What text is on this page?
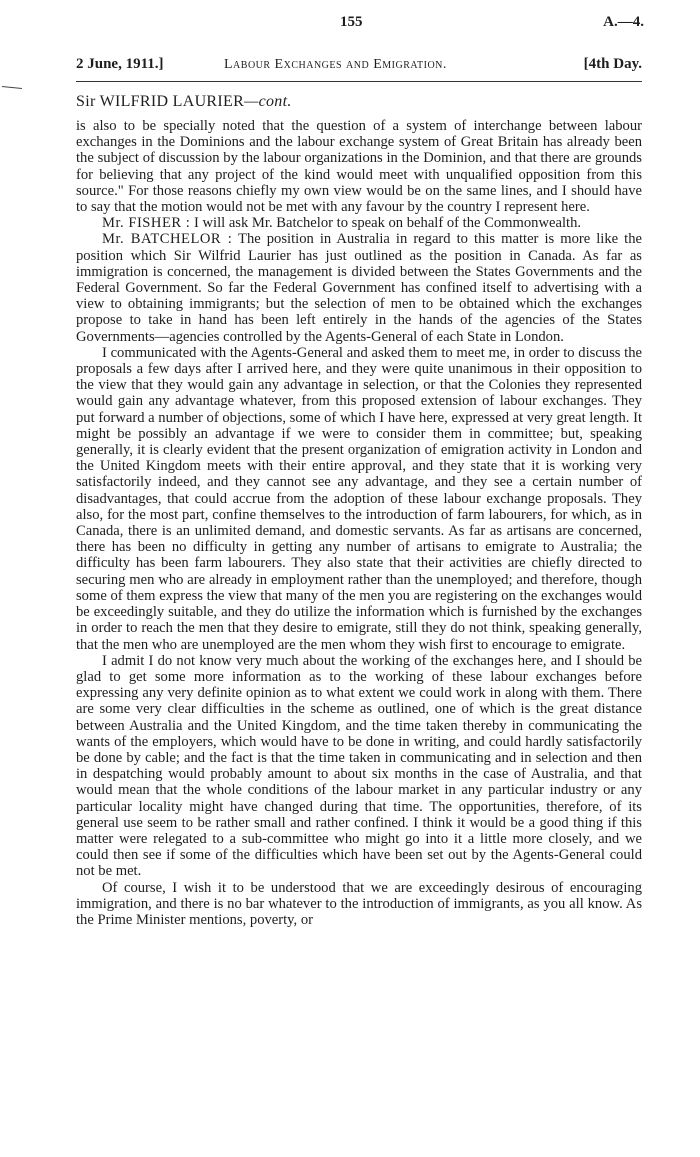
155	A.—4.
2 June, 1911.]	Labour Exchanges and Emigration.	[4th Day.
Sir WILFRID LAURIER—cont.

is also to be specially noted that the question of a system of interchange between labour exchanges in the Dominions and the labour exchange system of Great Britain has already been the subject of discussion by the labour organizations in the Dominion, and that there are grounds for believing that any project of the kind would meet with unqualified opposition from this source." For those reasons chiefly my own view would be on the same lines, and I should have to say that the motion would not be met with any favour by the country I represent here.

Mr. FISHER : I will ask Mr. Batchelor to speak on behalf of the Commonwealth.

Mr. BATCHELOR : The position in Australia in regard to this matter is more like the position which Sir Wilfrid Laurier has just outlined as the position in Canada. As far as immigration is concerned, the management is divided between the States Governments and the Federal Government. So far the Federal Government has confined itself to advertising with a view to obtaining immigrants; but the selection of men to be obtained which the exchanges propose to take in hand has been left entirely in the hands of the agencies of the States Governments—agencies controlled by the Agents-General of each State in London.

I communicated with the Agents-General and asked them to meet me, in order to discuss the proposals a few days after I arrived here, and they were quite unanimous in their opposition to the view that they would gain any advantage in selection, or that the Colonies they represented would gain any advantage whatever, from this proposed extension of labour exchanges. They put forward a number of objections, some of which I have here, expressed at very great length. It might be possibly an advantage if we were to consider them in committee; but, speaking generally, it is clearly evident that the present organization of emigration activity in London and the United Kingdom meets with their entire approval, and they state that it is working very satisfactorily indeed, and they cannot see any advantage, and they see a certain number of disadvantages, that could accrue from the adoption of these labour exchange proposals. They also, for the most part, confine themselves to the introduction of farm labourers, for which, as in Canada, there is an unlimited demand, and domestic servants. As far as artisans are concerned, there has been no difficulty in getting any number of artisans to emigrate to Australia; the difficulty has been farm labourers. They also state that their activities are chiefly directed to securing men who are already in employment rather than the unemployed; and therefore, though some of them express the view that many of the men you are registering on the exchanges would be exceedingly suitable, and they do utilize the information which is furnished by the exchanges in order to reach the men that they desire to emigrate, still they do not think, speaking generally, that the men who are unemployed are the men whom they wish first to encourage to emigrate.

I admit I do not know very much about the working of the exchanges here, and I should be glad to get some more information as to the working of these labour exchanges before expressing any very definite opinion as to what extent we could work in along with them. There are some very clear difficulties in the scheme as outlined, one of which is the great distance between Australia and the United Kingdom, and the time taken thereby in communicating the wants of the employers, which would have to be done in writing, and could hardly satisfactorily be done by cable; and the fact is that the time taken in communicating and in selection and then in despatching would probably amount to about six months in the case of Australia, and that would mean that the whole conditions of the labour market in any particular industry or any particular locality might have changed during that time. The opportunities, therefore, of its general use seem to be rather small and rather confined. I think it would be a good thing if this matter were relegated to a sub-committee who might go into it a little more closely, and we could then see if some of the difficulties which have been set out by the Agents-General could not be met.

Of course, I wish it to be understood that we are exceedingly desirous of encouraging immigration, and there is no bar whatever to the introduction of immigrants, as you all know. As the Prime Minister mentions, poverty, or
